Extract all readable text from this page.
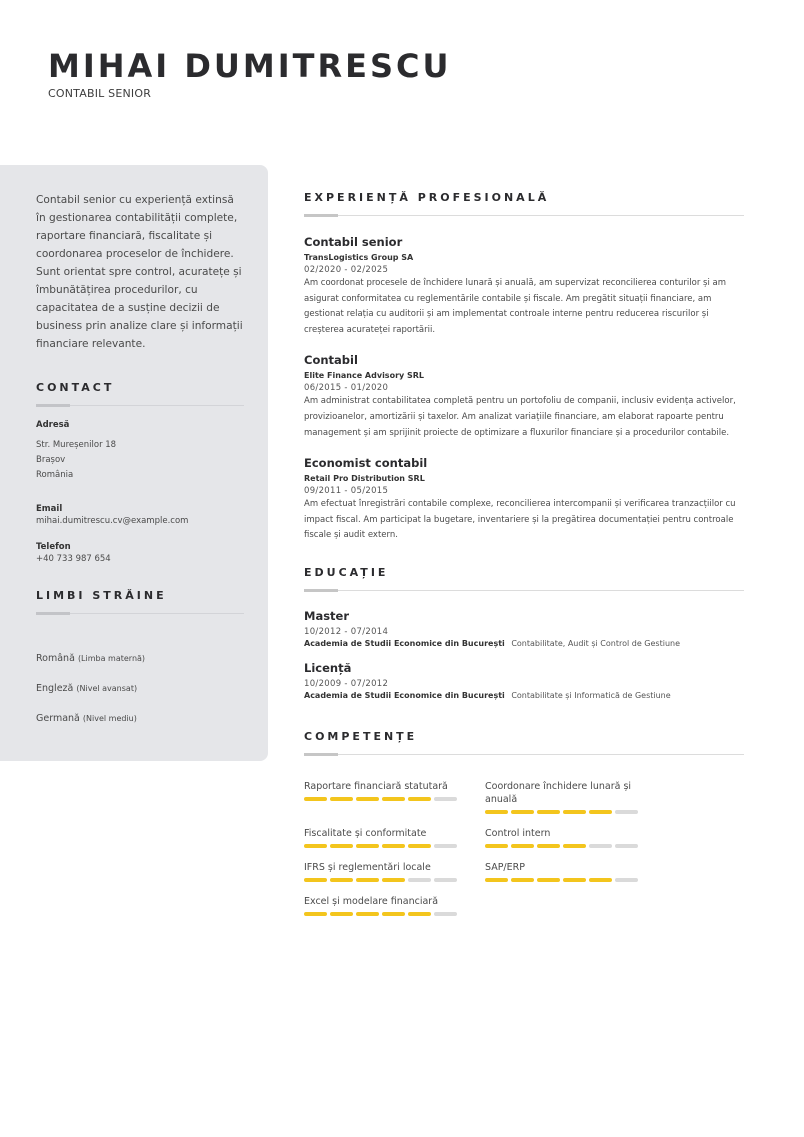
MIHAI DUMITRESCU
CONTABIL SENIOR

Contabil senior cu experiență extinsă în gestionarea contabilității complete, raportare financiară, fiscalitate și coordonarea proceselor de închidere. Sunt orientat spre control, acuratețe și îmbunătățirea procedurilor, cu capacitatea de a susține decizii de business prin analize clare și informații financiare relevante.

CONTACT
Adresă
Str. Mureșenilor 18
Brașov
România
Email
mihai.dumitrescu.cv@example.com
Telefon
+40 733 987 654
LIMBI STRĂINE
Română (Limba maternă)
Engleză (Nivel avansat)
Germană (Nivel mediu)
EXPERIENȚĂ PROFESIONALĂ
Contabil senior
TransLogistics Group SA
02/2020 - 02/2025

Am coordonat procesele de închidere lunară și anuală, am supervizat reconcilierea conturilor și am asigurat conformitatea cu reglementările contabile și fiscale. Am pregătit situații financiare, am gestionat relația cu auditorii și am implementat controale interne pentru reducerea riscurilor și creșterea acurateței raportării.

Contabil
Elite Finance Advisory SRL
06/2015 - 01/2020

Am administrat contabilitatea completă pentru un portofoliu de companii, inclusiv evidența activelor, provizioanelor, amortizării și taxelor. Am analizat variațiile financiare, am elaborat rapoarte pentru management și am sprijinit proiecte de optimizare a fluxurilor financiare și a procedurilor contabile.

Economist contabil
Retail Pro Distribution SRL
09/2011 - 05/2015

Am efectuat înregistrări contabile complexe, reconcilierea intercompanii și verificarea tranzacțiilor cu impact fiscal. Am participat la bugetare, inventariere și la pregătirea documentației pentru controale fiscale și audit extern.

EDUCAȚIE
Master
10/2012 - 07/2014
Academia de Studii Economice din București Contabilitate, Audit și Control de Gestiune
Licență
10/2009 - 07/2012
Academia de Studii Economice din București Contabilitate și Informatică de Gestiune
COMPETENȚE
Raportare financiară statutară	Coordonare închidere lunară și anuală
Fiscalitate și conformitate	Control intern
IFRS și reglementări locale	SAP/ERP
Excel și modelare financiară
